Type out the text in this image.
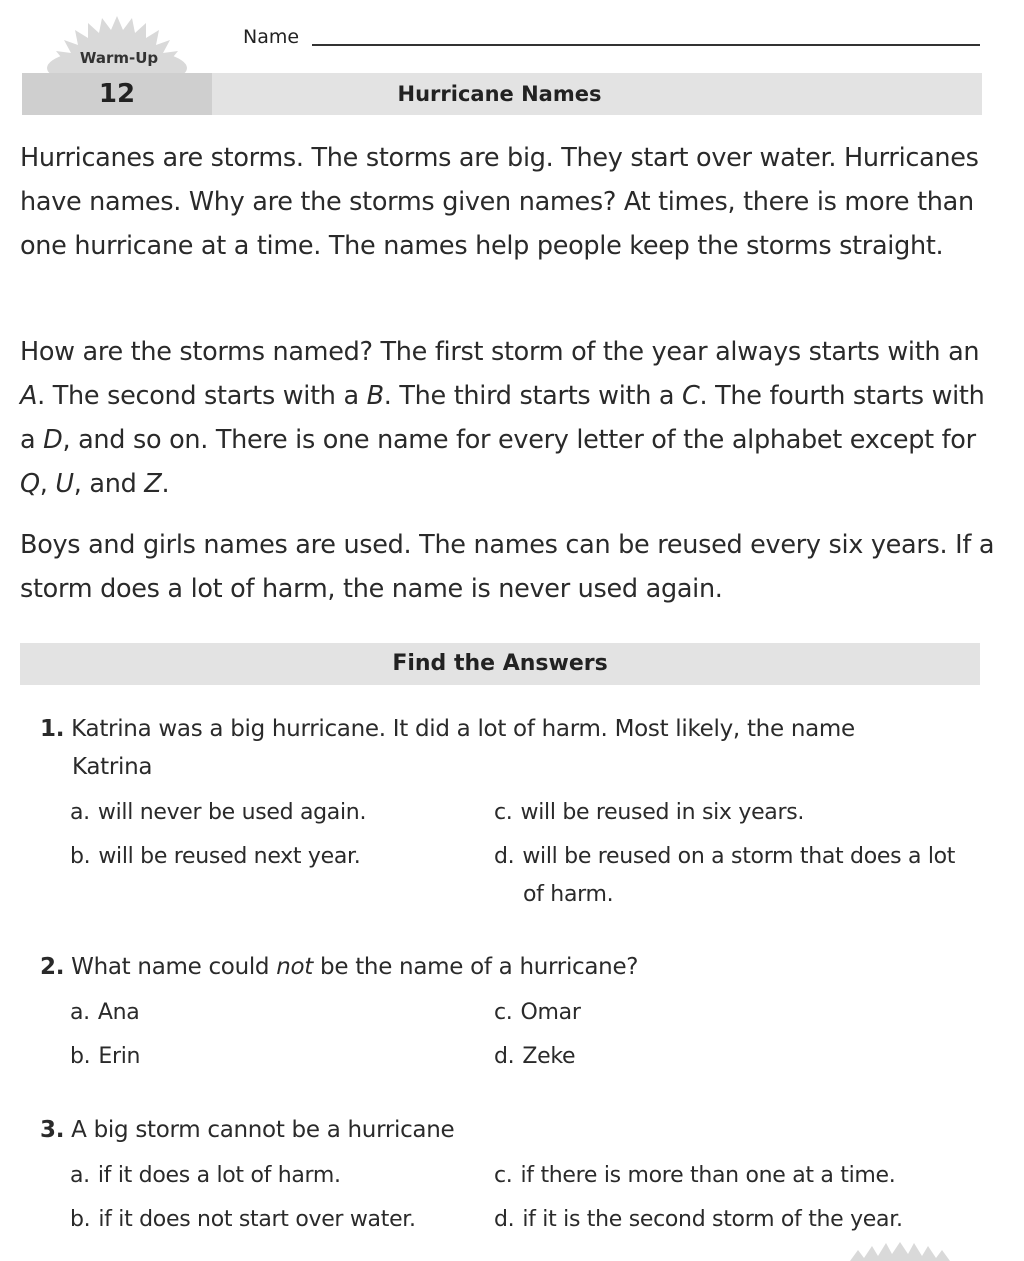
Warm-Up
Name
12	Hurricane Names

Hurricanes are storms. The storms are big. They start over water. Hurricanes have names. Why are the storms given names? At times, there is more than one hurricane at a time. The names help people keep the storms straight.

How are the storms named? The first storm of the year always starts with an A. The second starts with a B. The third starts with a C. The fourth starts with a D, and so on. There is one name for every letter of the alphabet except for Q, U, and Z.

Boys and girls names are used. The names can be reused every six years. If a storm does a lot of harm, the name is never used again.

Find the Answers
1. Katrina was a big hurricane. It did a lot of harm. Most likely, the name
Katrina
a. will never be used again.
b. will be reused next year.
c. will be reused in six years.
d. will be reused on a storm that does a lot
of harm.
2. What name could not be the name of a hurricane?
a. Ana
b. Erin
c. Omar
d. Zeke
3. A big storm cannot be a hurricane
a. if it does a lot of harm.
b. if it does not start over water.
c. if there is more than one at a time.
d. if it is the second storm of the year.
